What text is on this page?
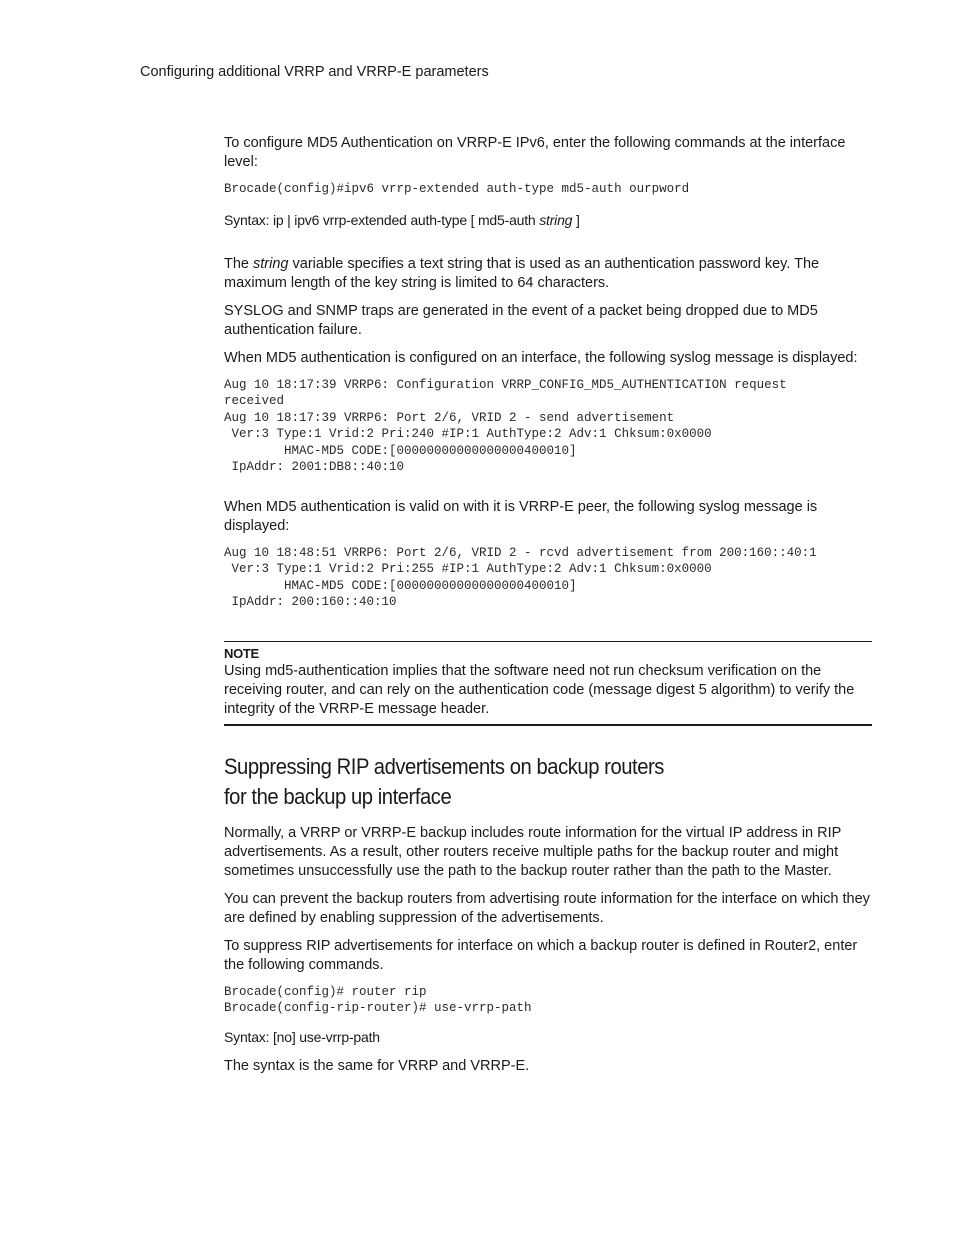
Configuring additional VRRP and VRRP-E parameters

To configure MD5 Authentication on VRRP-E IPv6, enter the following commands at the interface level:

Brocade(config)#ipv6 vrrp-extended auth-type md5-auth ourpword

Syntax: ip | ipv6 vrrp-extended auth-type [ md5-auth string ]

The string variable specifies a text string that is used as an authentication password key. The maximum length of the key string is limited to 64 characters.

SYSLOG and SNMP traps are generated in the event of a packet being dropped due to MD5 authentication failure.

When MD5 authentication is configured on an interface, the following syslog message is displayed:

Aug 10 18:17:39 VRRP6: Configuration VRRP_CONFIG_MD5_AUTHENTICATION request
received
Aug 10 18:17:39 VRRP6: Port 2/6, VRID 2 - send advertisement
Ver:3 Type:1 Vrid:2 Pri:240 #IP:1 AuthType:2 Adv:1 Chksum:0x0000
HMAC-MD5 CODE:[00000000000000000400010]
IpAddr: 2001:DB8::40:10

When MD5 authentication is valid on with it is VRRP-E peer, the following syslog message is displayed:

Aug 10 18:48:51 VRRP6: Port 2/6, VRID 2 - rcvd advertisement from 200:160::40:1
Ver:3 Type:1 Vrid:2 Pri:255 #IP:1 AuthType:2 Adv:1 Chksum:0x0000
HMAC-MD5 CODE:[00000000000000000400010]
IpAddr: 200:160::40:10
NOTE

Using md5-authentication implies that the software need not run checksum verification on the receiving router, and can rely on the authentication code (message digest 5 algorithm) to verify the integrity of the VRRP-E message header.

Suppressing RIP advertisements on backup routers
for the backup up interface

Normally, a VRRP or VRRP-E backup includes route information for the virtual IP address in RIP advertisements. As a result, other routers receive multiple paths for the backup router and might sometimes unsuccessfully use the path to the backup router rather than the path to the Master.

You can prevent the backup routers from advertising route information for the interface on which they are defined by enabling suppression of the advertisements.

To suppress RIP advertisements for interface on which a backup router is defined in Router2, enter the following commands.

Brocade(config)# router rip
Brocade(config-rip-router)# use-vrrp-path

Syntax: [no] use-vrrp-path

The syntax is the same for VRRP and VRRP-E.
